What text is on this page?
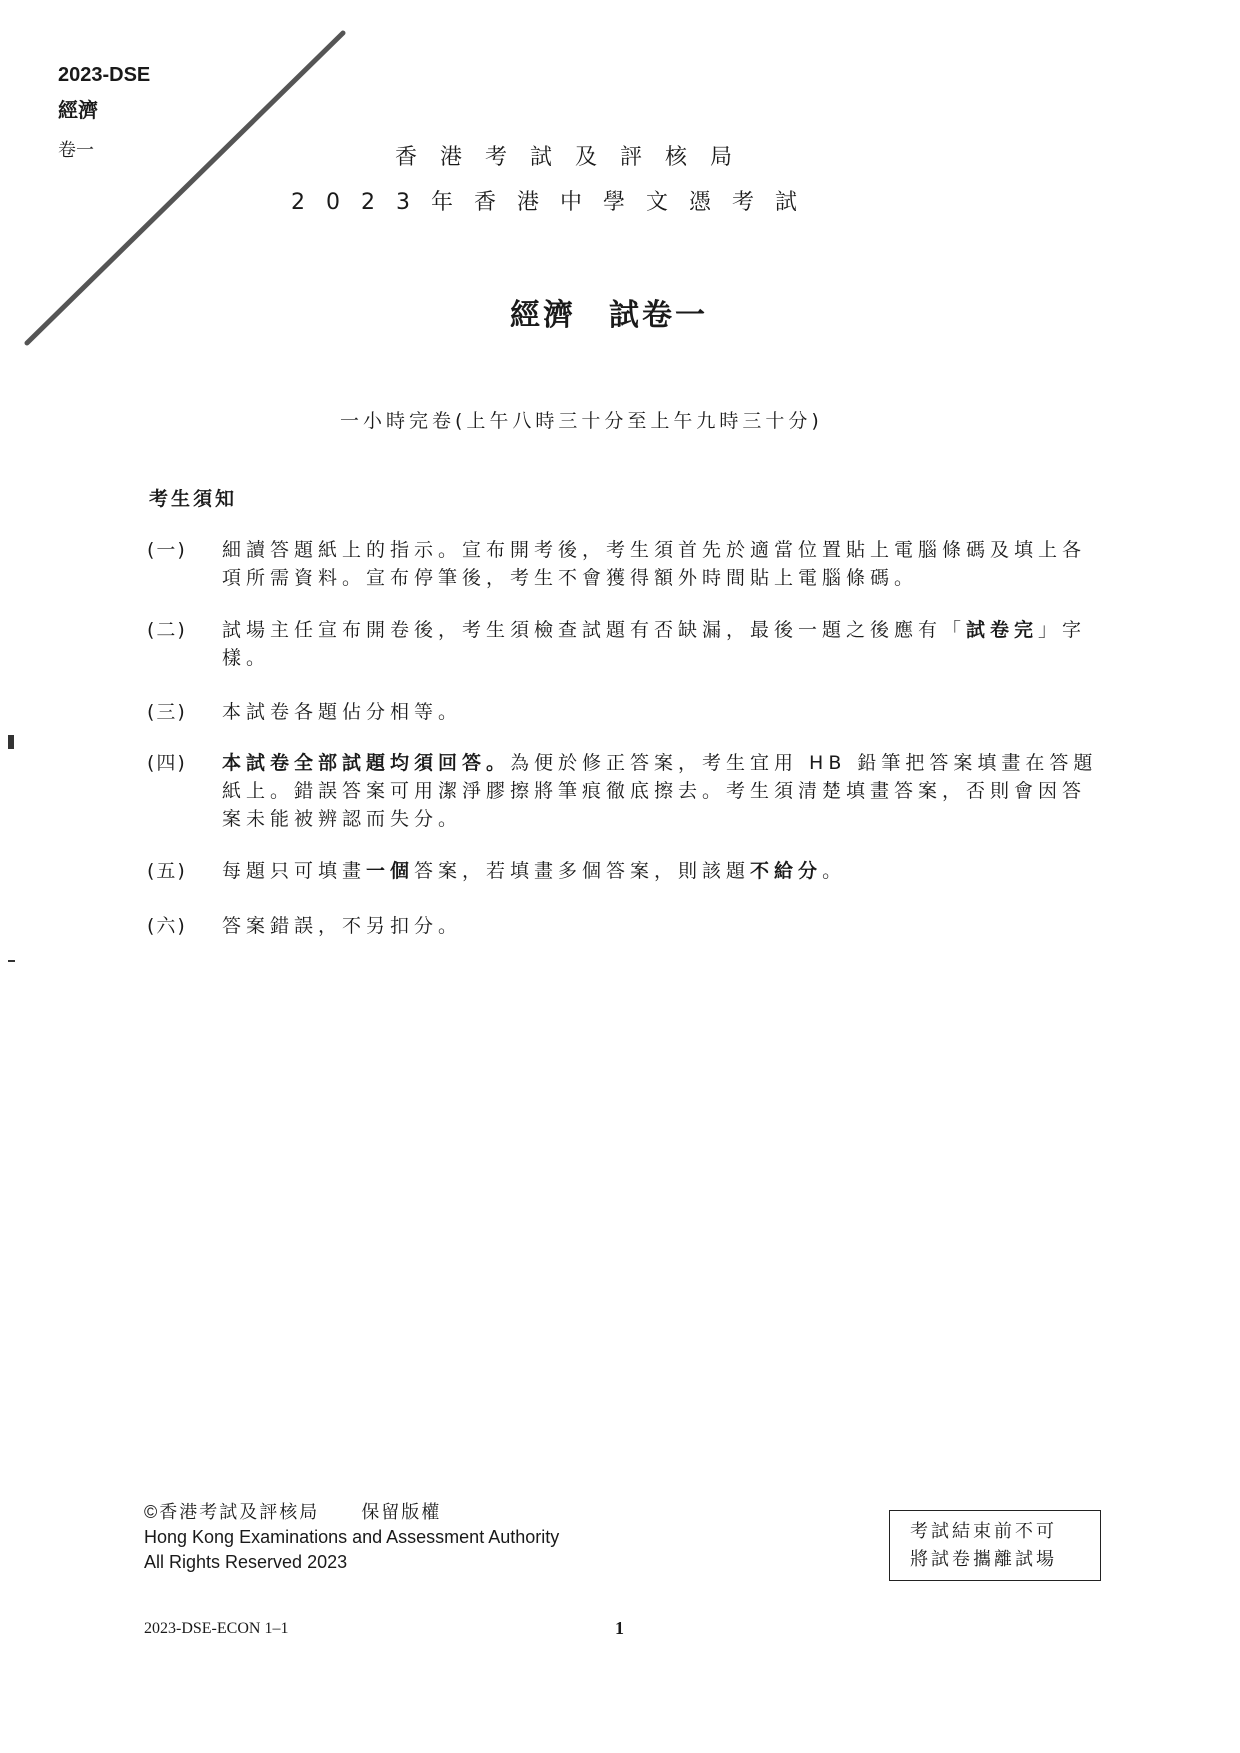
2023-DSE
經濟
卷一	香港考試及評核局
2023年香港中學文憑考試
經濟　試卷一
一小時完卷(上午八時三十分至上午九時三十分)
考生須知
(一) 細讀答題紙上的指示。宣布開考後，考生須首先於適當位置貼上電腦條碼及填上各項所需資料。宣布停筆後，考生不會獲得額外時間貼上電腦條碼。
(二) 試場主任宣布開卷後，考生須檢查試題有否缺漏，最後一題之後應有「試卷完」字樣。
(三) 本試卷各題佔分相等。
(四) 本試卷全部試題均須回答。為便於修正答案，考生宜用 HB 鉛筆把答案填畫在答題紙上。錯誤答案可用潔淨膠擦將筆痕徹底擦去。考生須清楚填畫答案，否則會因答案未能被辨認而失分。
(五) 每題只可填畫一個答案，若填畫多個答案，則該題不給分。
(六) 答案錯誤，不另扣分。
©香港考試及評核局 保留版權
Hong Kong Examinations and Assessment Authority
All Rights Reserved 2023
考試結束前不可
將試卷攜離試場
2023-DSE-ECON 1–1	1
